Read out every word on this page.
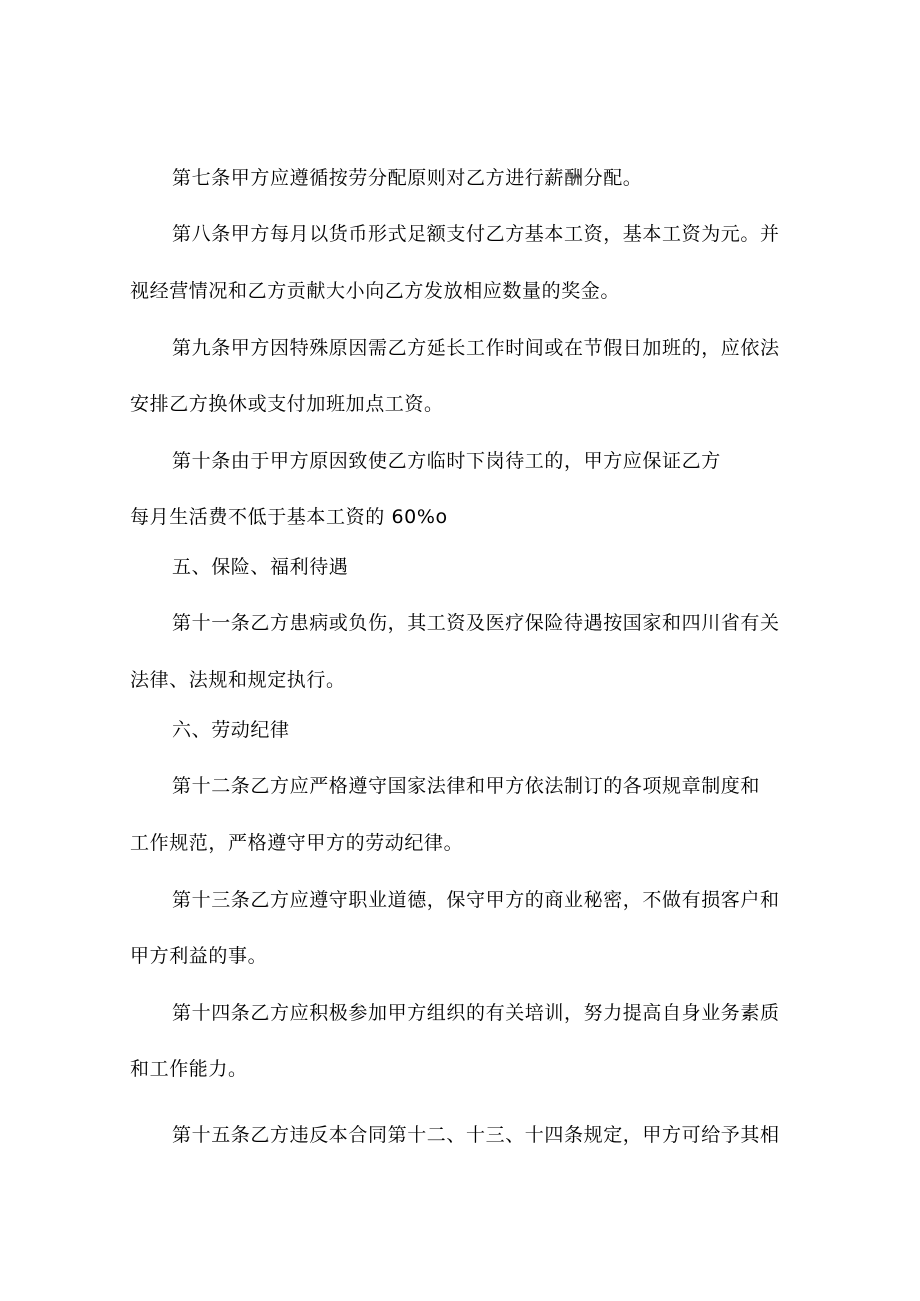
第七条甲方应遵循按劳分配原则对乙方进行薪酬分配。
第八条甲方每月以货币形式足额支付乙方基本工资，基本工资为元。并
视经营情况和乙方贡献大小向乙方发放相应数量的奖金。
第九条甲方因特殊原因需乙方延长工作时间或在节假日加班的，应依法
安排乙方换休或支付加班加点工资。
第十条由于甲方原因致使乙方临时下岗待工的，甲方应保证乙方
每月生活费不低于基本工资的 60%o
五、保险、福利待遇
第十一条乙方患病或负伤，其工资及医疗保险待遇按国家和四川省有关
法律、法规和规定执行。
六、劳动纪律
第十二条乙方应严格遵守国家法律和甲方依法制订的各项规章制度和
工作规范，严格遵守甲方的劳动纪律。
第十三条乙方应遵守职业道德，保守甲方的商业秘密，不做有损客户和
甲方利益的事。
第十四条乙方应积极参加甲方组织的有关培训，努力提高自身业务素质
和工作能力。
第十五条乙方违反本合同第十二、十三、十四条规定，甲方可给予其相
